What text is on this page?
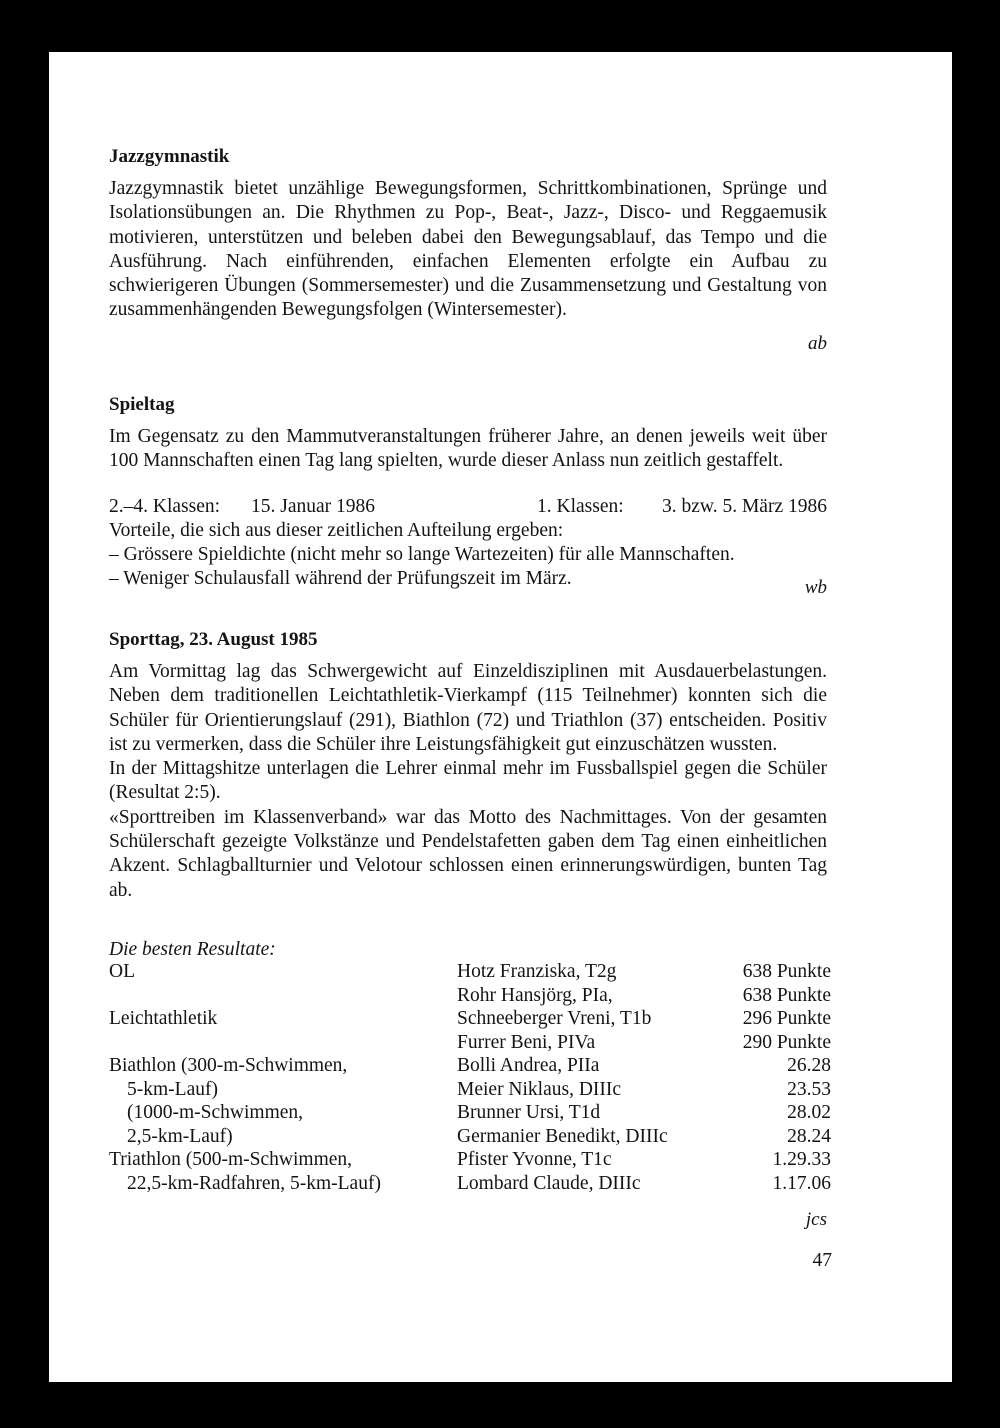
Jazzgymnastik

Jazzgymnastik bietet unzählige Bewegungsformen, Schrittkombinationen, Sprünge und Isolationsübungen an. Die Rhythmen zu Pop-, Beat-, Jazz-, Disco- und Reggaemusik motivieren, unterstützen und beleben dabei den Bewegungsablauf, das Tempo und die Ausführung. Nach einführenden, einfachen Elementen erfolgte ein Aufbau zu schwierigeren Übungen (Sommersemester) und die Zusammensetzung und Gestaltung von zusammenhängenden Bewegungsfolgen (Wintersemester).

ab
Spieltag

Im Gegensatz zu den Mammutveranstaltungen früherer Jahre, an denen jeweils weit über 100 Mannschaften einen Tag lang spielten, wurde dieser Anlass nun zeitlich gestaffelt.

2.–4. Klassen: 15. Januar 1986	1. Klassen: 3. bzw. 5. März 1986
Vorteile, die sich aus dieser zeitlichen Aufteilung ergeben:
– Grössere Spieldichte (nicht mehr so lange Wartezeiten) für alle Mannschaften.
– Weniger Schulausfall während der Prüfungszeit im März.	wb
Sporttag, 23. August 1985

Am Vormittag lag das Schwergewicht auf Einzeldisziplinen mit Ausdauerbelastungen. Neben dem traditionellen Leichtathletik-Vierkampf (115 Teilnehmer) konnten sich die Schüler für Orientierungslauf (291), Biathlon (72) und Triathlon (37) entscheiden. Positiv ist zu vermerken, dass die Schüler ihre Leistungsfähigkeit gut einzuschätzen wussten.

In der Mittagshitze unterlagen die Lehrer einmal mehr im Fussballspiel gegen die Schüler (Resultat 2:5).

«Sporttreiben im Klassenverband» war das Motto des Nachmittages. Von der gesamten Schülerschaft gezeigte Volkstänze und Pendelstafetten gaben dem Tag einen einheitlichen Akzent. Schlagballturnier und Velotour schlossen einen erinnerungswürdigen, bunten Tag ab.

Die besten Resultate:
OL	Hotz Franziska, T2g	638 Punkte
	Rohr Hansjörg, PIa,	638 Punkte
Leichtathletik	Schneeberger Vreni, T1b	296 Punkte
	Furrer Beni, PIVa	290 Punkte
Biathlon (300-m-Schwimmen,	Bolli Andrea, PIIa	26.28
5-km-Lauf)	Meier Niklaus, DIIIc	23.53
(1000-m-Schwimmen,	Brunner Ursi, T1d	28.02
2,5-km-Lauf)	Germanier Benedikt, DIIIc	28.24
Triathlon (500-m-Schwimmen,	Pfister Yvonne, T1c	1.29.33
22,5-km-Radfahren, 5-km-Lauf)	Lombard Claude, DIIIc	1.17.06
jcs
47
